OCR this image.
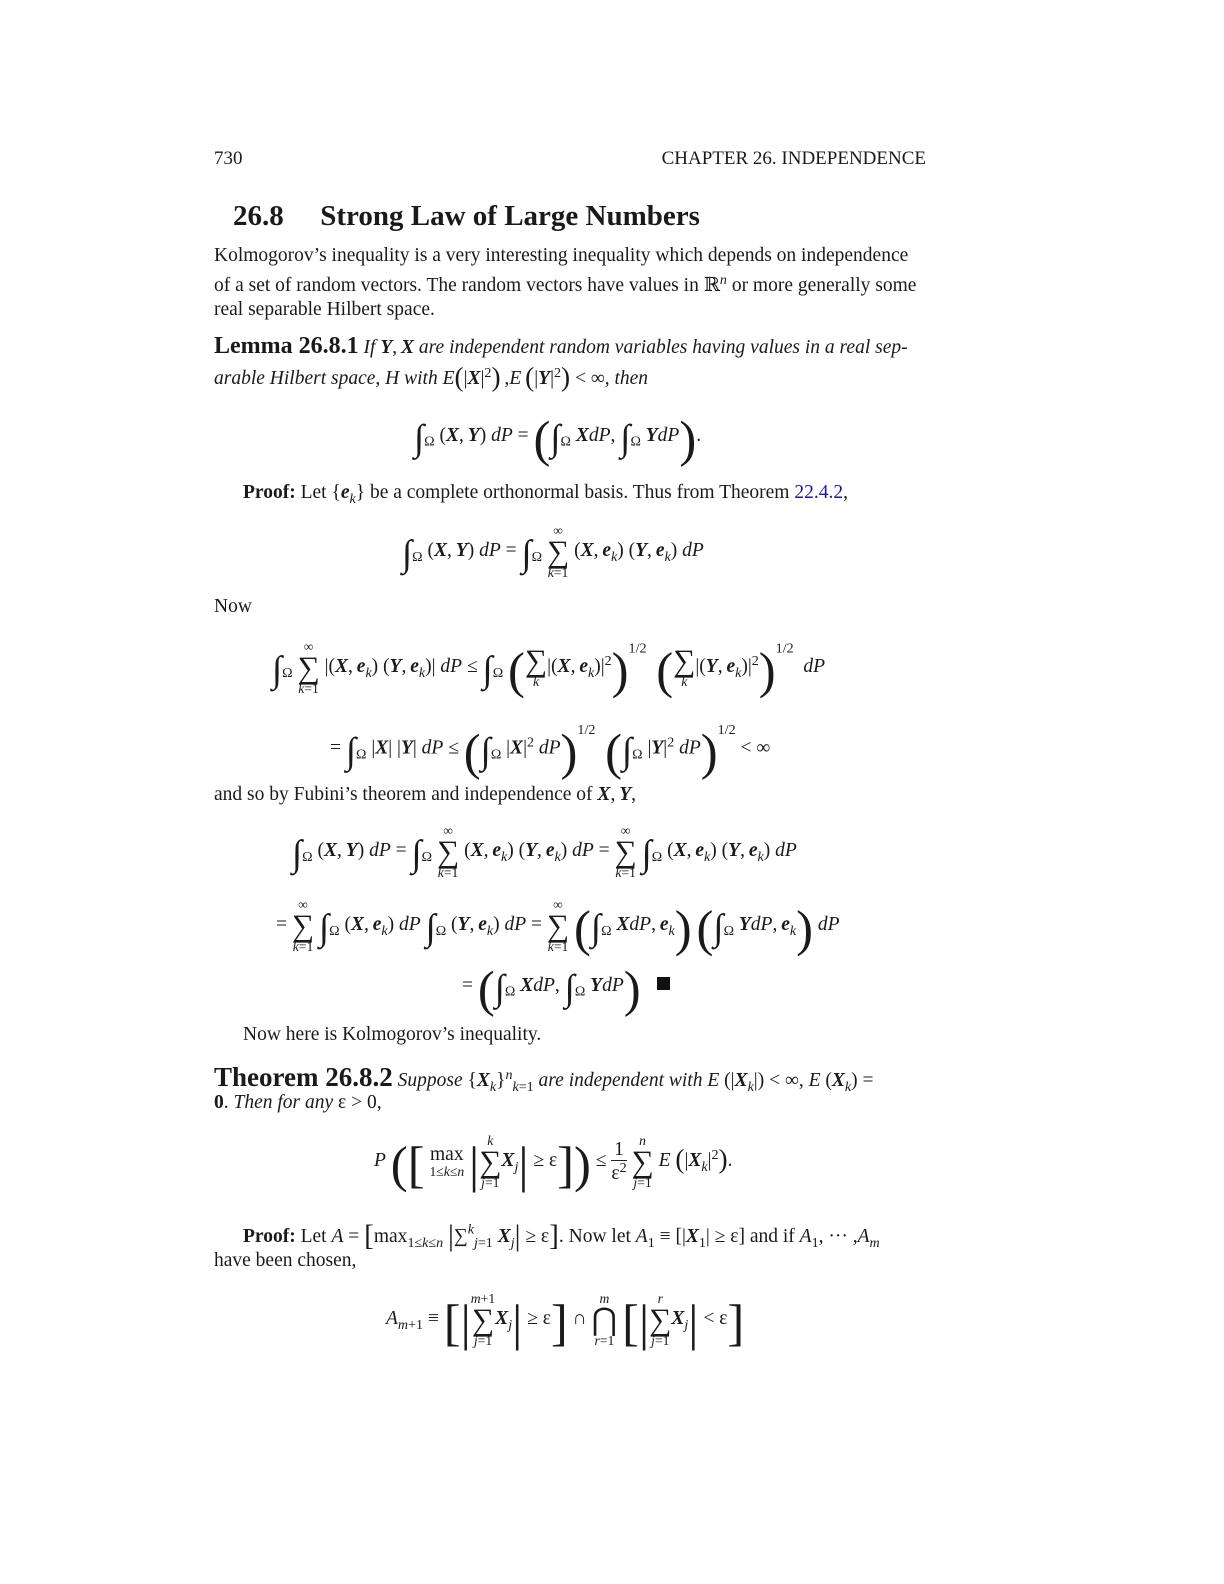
730	CHAPTER 26. INDEPENDENCE
26.8 Strong Law of Large Numbers
Kolmogorov’s inequality is a very interesting inequality which depends on independence
of a set of random vectors. The random vectors have values in ℝ$^n$ or more generally some
real separable Hilbert space.
Lemma 26.8.1 If Y, X are independent random variables having values in a real sep-
arable Hilbert space, H with $E(|X|^2)$ ,E  $(|Y|^2)$ < ∞, then
$\int_\Omega$ (X, Y) dP = ($\int_\Omega$ XdP, $\int_\Omega$ YdP).
Proof: Let $\{e_k\}$ be a complete orthonormal basis. Thus from Theorem 22.4.2,
$\int_\Omega$ (X, Y) dP = $\int_\Omega$
∞
∑
k=1
(X, $e_k$) (Y, $e_k$) dP
Now
$\int_\Omega$
∞
∑
k=1
|(X, $e_k$) (Y, $e_k)|$ dP ≤ $\int_\Omega$ ( ∑
k
|(X, $e_k)|^2)^{1/2}$ ( ∑
k
|(Y, $e_k)|^2)^{1/2}$  dP
= $\int_\Omega$ |X| |Y| dP ≤ ($\int_\Omega$ $|X|^2$ dP)$^{1/2}$ ($\int_\Omega$ $|Y|^2$ dP)$^{1/2}$ < ∞
and so by Fubini’s theorem and independence of X, Y,
$\int_\Omega$ (X, Y) dP = $\int_\Omega$
∞
∑
k=1
(X, $e_k$) (Y, $e_k$) dP =
∞
∑
k=1 $\int_\Omega$ (X, $e_k$) (Y, $e_k$) dP
=
∞
∑
k=1 $\int_\Omega$ (X, $e_k$) dP $\int_\Omega$ (Y, $e_k$) dP =
∞
∑
k=1 ($\int_\Omega$ XdP, $e_k$) ($\int_\Omega$ YdP, $e_k$) dP
= ($\int_\Omega$ XdP, $\int_\Omega$ YdP)
Now here is Kolmogorov’s inequality.
Theorem 26.8.2 Suppose $\{X_k\}^n_{k=1}$ are independent with E $(|X_k|)$ < ∞, E $(X_k)$ =
0. Then for any ε > 0,
P ([ max
1≤k≤n | k
∑
j=1
$X_j| \ge \varepsilon]) \le \frac{1}{\varepsilon^2}$
n
∑
j=1
E $(|X_k|^2)$.
Proof: Let $A = [\max_{1\le k\le n}$ |∑$^k_{j=1}$ $X_j| \ge \varepsilon$]. Now let $A_1 \equiv [|X_1| \ge \varepsilon]$ and if $A_1$, ··· $,A_m$
have been chosen,
$A_{m+1}$ ≡ [| m+1
∑
j=1
$X_j| \ge \varepsilon$] ∩
m
⋂
r=1 [| r
∑
j=1
$X_j| < \varepsilon$]
